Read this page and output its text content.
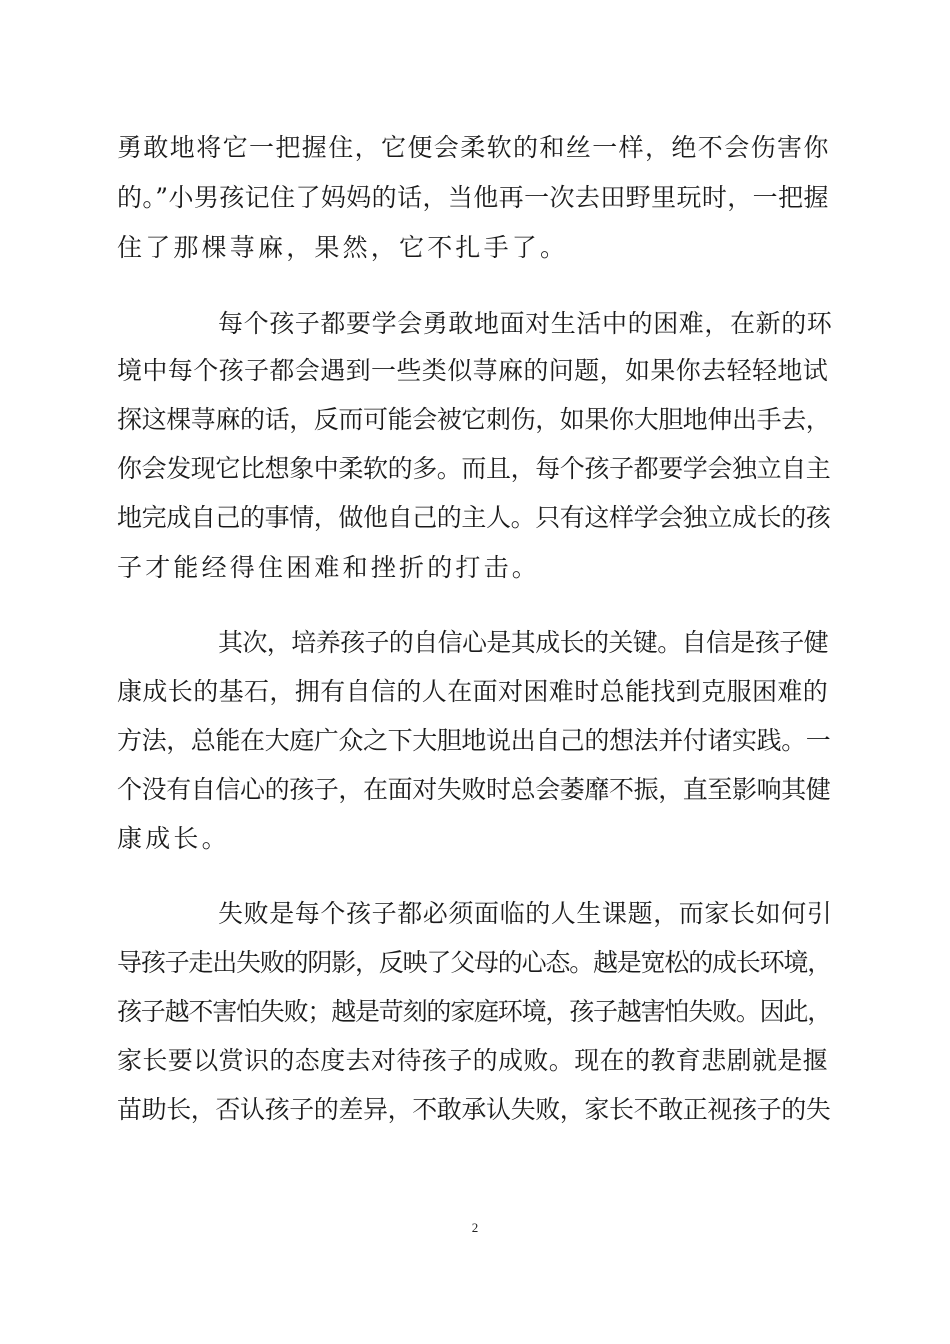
勇敢地将它一把握住，它便会柔软的和丝一样，绝不会伤害你
的。”小男孩记住了妈妈的话，当他再一次去田野里玩时，一把握
住了那棵荨麻，果然，它不扎手了。
每个孩子都要学会勇敢地面对生活中的困难，在新的环
境中每个孩子都会遇到一些类似荨麻的问题，如果你去轻轻地试
探这棵荨麻的话，反而可能会被它刺伤，如果你大胆地伸出手去，
你会发现它比想象中柔软的多。而且，每个孩子都要学会独立自主
地完成自己的事情，做他自己的主人。只有这样学会独立成长的孩
子才能经得住困难和挫折的打击。
其次，培养孩子的自信心是其成长的关键。自信是孩子健
康成长的基石，拥有自信的人在面对困难时总能找到克服困难的
方法，总能在大庭广众之下大胆地说出自己的想法并付诸实践。一
个没有自信心的孩子，在面对失败时总会萎靡不振，直至影响其健
康成长。
失败是每个孩子都必须面临的人生课题，而家长如何引
导孩子走出失败的阴影，反映了父母的心态。越是宽松的成长环境，
孩子越不害怕失败；越是苛刻的家庭环境，孩子越害怕失败。因此，
家长要以赏识的态度去对待孩子的成败。现在的教育悲剧就是揠
苗助长，否认孩子的差异，不敢承认失败，家长不敢正视孩子的失
2
